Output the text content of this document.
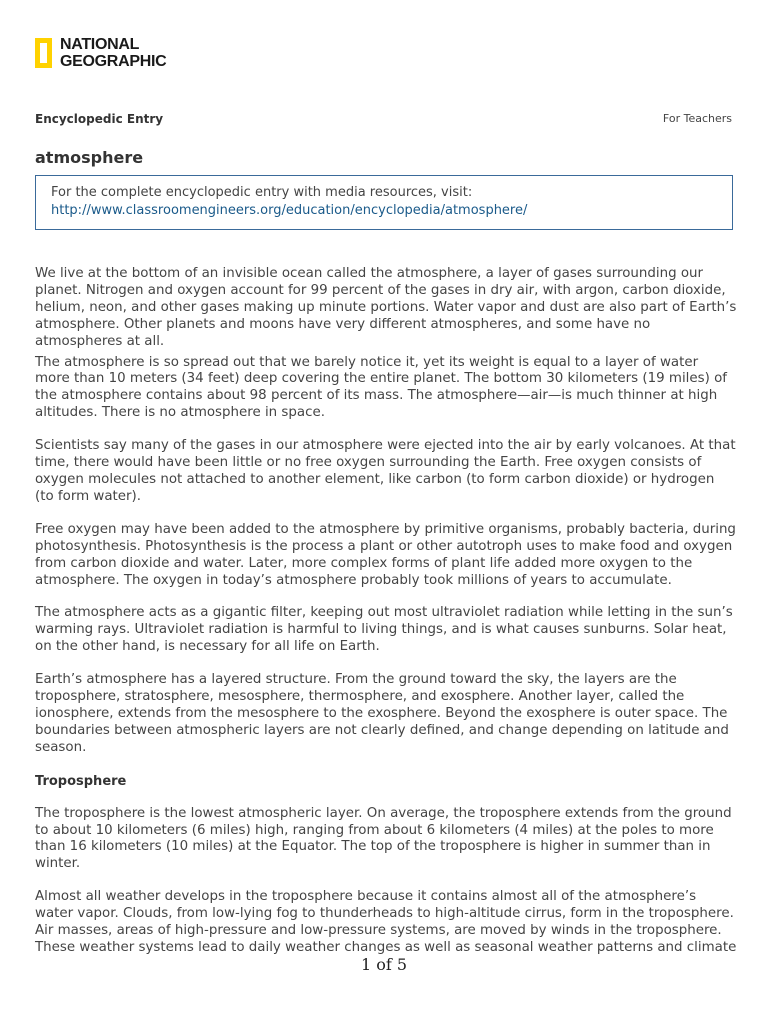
NATIONAL
GEOGRAPHIC
Encyclopedic Entry	For Teachers
atmosphere
For the complete encyclopedic entry with media resources, visit:
http://www.classroomengineers.org/education/encyclopedia/atmosphere/

We live at the bottom of an invisible ocean called the atmosphere, a layer of gases surrounding our planet. Nitrogen and oxygen account for 99 percent of the gases in dry air, with argon, carbon dioxide, helium, neon, and other gases making up minute portions. Water vapor and dust are also part of Earth’s atmosphere. Other planets and moons have very different atmospheres, and some have no atmospheres at all.

The atmosphere is so spread out that we barely notice it, yet its weight is equal to a layer of water more than 10 meters (34 feet) deep covering the entire planet. The bottom 30 kilometers (19 miles) of the atmosphere contains about 98 percent of its mass. The atmosphere—air—is much thinner at high altitudes. There is no atmosphere in space.

Scientists say many of the gases in our atmosphere were ejected into the air by early volcanoes. At that time, there would have been little or no free oxygen surrounding the Earth. Free oxygen consists of oxygen molecules not attached to another element, like carbon (to form carbon dioxide) or hydrogen (to form water).

Free oxygen may have been added to the atmosphere by primitive organisms, probably bacteria, during photosynthesis. Photosynthesis is the process a plant or other autotroph uses to make food and oxygen from carbon dioxide and water. Later, more complex forms of plant life added more oxygen to the atmosphere. The oxygen in today’s atmosphere probably took millions of years to accumulate.

The atmosphere acts as a gigantic filter, keeping out most ultraviolet radiation while letting in the sun’s warming rays. Ultraviolet radiation is harmful to living things, and is what causes sunburns. Solar heat, on the other hand, is necessary for all life on Earth.

Earth’s atmosphere has a layered structure. From the ground toward the sky, the layers are the troposphere, stratosphere, mesosphere, thermosphere, and exosphere. Another layer, called the ionosphere, extends from the mesosphere to the exosphere. Beyond the exosphere is outer space. The boundaries between atmospheric layers are not clearly defined, and change depending on latitude and season.

Troposphere

The troposphere is the lowest atmospheric layer. On average, the troposphere extends from the ground to about 10 kilometers (6 miles) high, ranging from about 6 kilometers (4 miles) at the poles to more than 16 kilometers (10 miles) at the Equator. The top of the troposphere is higher in summer than in winter.

Almost all weather develops in the troposphere because it contains almost all of the atmosphere’s water vapor. Clouds, from low-lying fog to thunderheads to high-altitude cirrus, form in the troposphere. Air masses, areas of high-pressure and low-pressure systems, are moved by winds in the troposphere. These weather systems lead to daily weather changes as well as seasonal weather patterns and climate

1 of 5
